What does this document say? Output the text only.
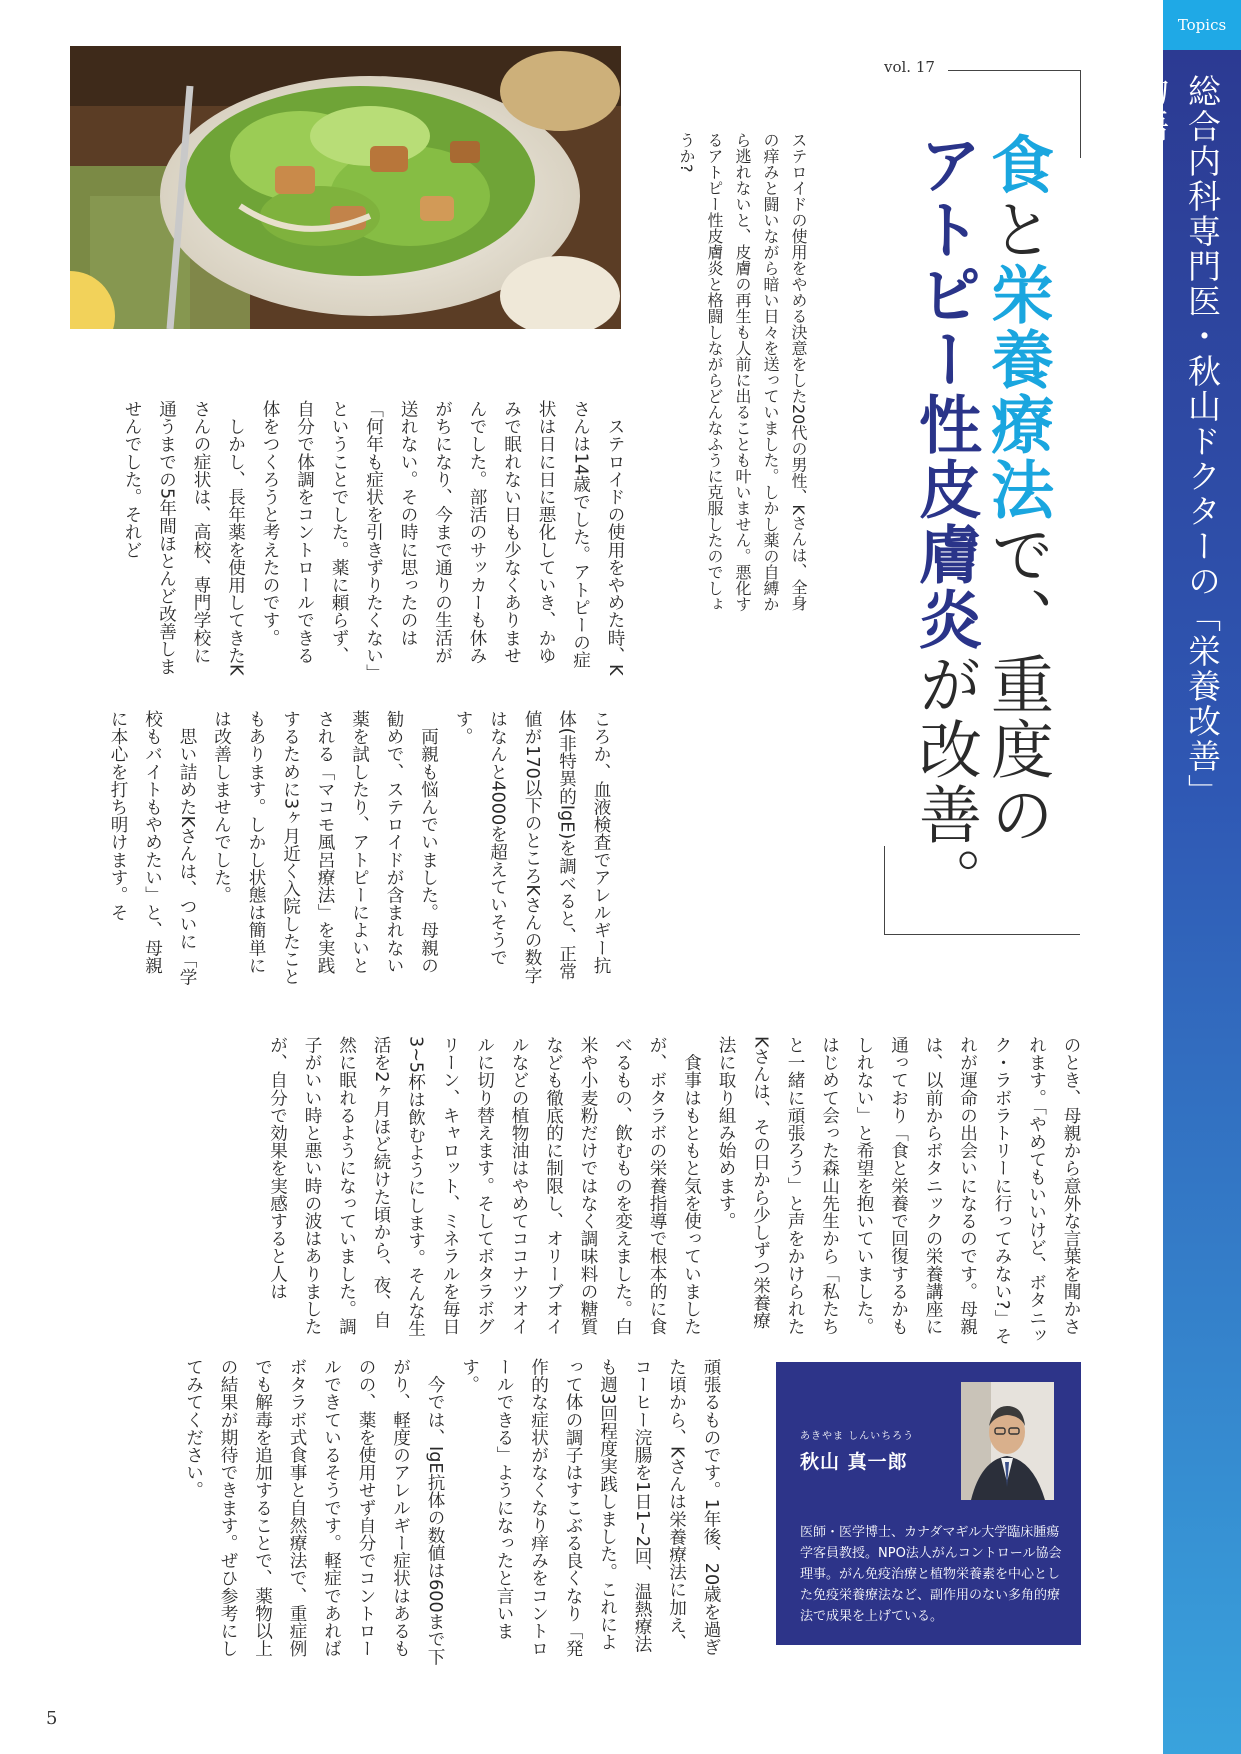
Topics
総合内科専門医・秋山ドクターの「栄養改善」物語
vol. 17
食と栄養療法で、重度の
アトピー性皮膚炎が改善。
ステロイドの使用をやめる決意をした20代の男性、Kさんは、全身の痒みと闘いながら暗い日々を送っていました。しかし薬の自縛から逃れないと、皮膚の再生も人前に出ることも叶いません。悪化するアトピー性皮膚炎と格闘しながらどんなふうに克服したのでしょうか?
　ステロイドの使用をやめた時、Kさんは14歳でした。アトピーの症状は日に日に悪化していき、かゆみで眠れない日も少なくありませんでした。部活のサッカーも休みがちになり、今まで通りの生活が送れない。その時に思ったのは「何年も症状を引きずりたくない」ということでした。薬に頼らず、自分で体調をコントロールできる体をつくろうと考えたのです。
　しかし、長年薬を使用してきたKさんの症状は、高校、専門学校に通うまでの5年間ほとんど改善しませんでした。それど
ころか、血液検査でアレルギー抗体(非特異的IgE)を調べると、正常値が170以下のところKさんの数字はなんと4000を超えていそうです。
　両親も悩んでいました。母親の勧めで、ステロイドが含まれない薬を試したり、アトピーによいとされる「マコモ風呂療法」を実践するために3ヶ月近く入院したこともあります。しかし状態は簡単には改善しませんでした。
　思い詰めたKさんは、ついに「学校もバイトもやめたい」と、母親に本心を打ち明けます。そ
のとき、母親から意外な言葉を聞かされます。「やめてもいいけど、ボタニック・ラボラトリーに行ってみない?」それが運命の出会いになるのです。母親は、以前からボタニックの栄養講座に通っており「食と栄養で回復するかもしれない」と希望を抱いていました。はじめて会った森山先生から「私たちと一緒に頑張ろう」と声をかけられたKさんは、その日から少しずつ栄養療法に取り組み始めます。
　食事はもともと気を使っていましたが、ボタラボの栄養指導で根本的に食べるもの、飲むものを変えました。白米や小麦粉だけではなく調味料の糖質なども徹底的に制限し、オリーブオイルなどの植物油はやめてココナツオイルに切り替えます。そしてボタラボグリーン、キャロット、ミネラルを毎日3~5杯は飲むようにします。そんな生活を2ヶ月ほど続けた頃から、夜、自然に眠れるようになっていました。調子がいい時と悪い時の波はありましたが、自分で効果を実感すると人は
頑張るものです。1年後、20歳を過ぎた頃から、Kさんは栄養療法に加え、コーヒー浣腸を1日1~2回、温熱療法も週3回程度実践しました。これによって体の調子はすこぶる良くなり「発作的な症状がなくなり痒みをコントロールできる」ようになったと言います。
　今では、IgE抗体の数値は600まで下がり、軽度のアレルギー症状はあるものの、薬を使用せず自分でコントロールできているそうです。軽症であればボタラボ式食事と自然療法で、重症例でも解毒を追加することで、薬物以上の結果が期待できます。ぜひ参考にしてみてください。	あきやま しんいちろう
秋山 真一郎
医師・医学博士、カナダマギル大学臨床腫瘍学客員教授。NPO法人がんコントロール協会理事。がん免疫治療と植物栄養素を中心とした免疫栄養療法など、副作用のない多角的療法で成果を上げている。
5
